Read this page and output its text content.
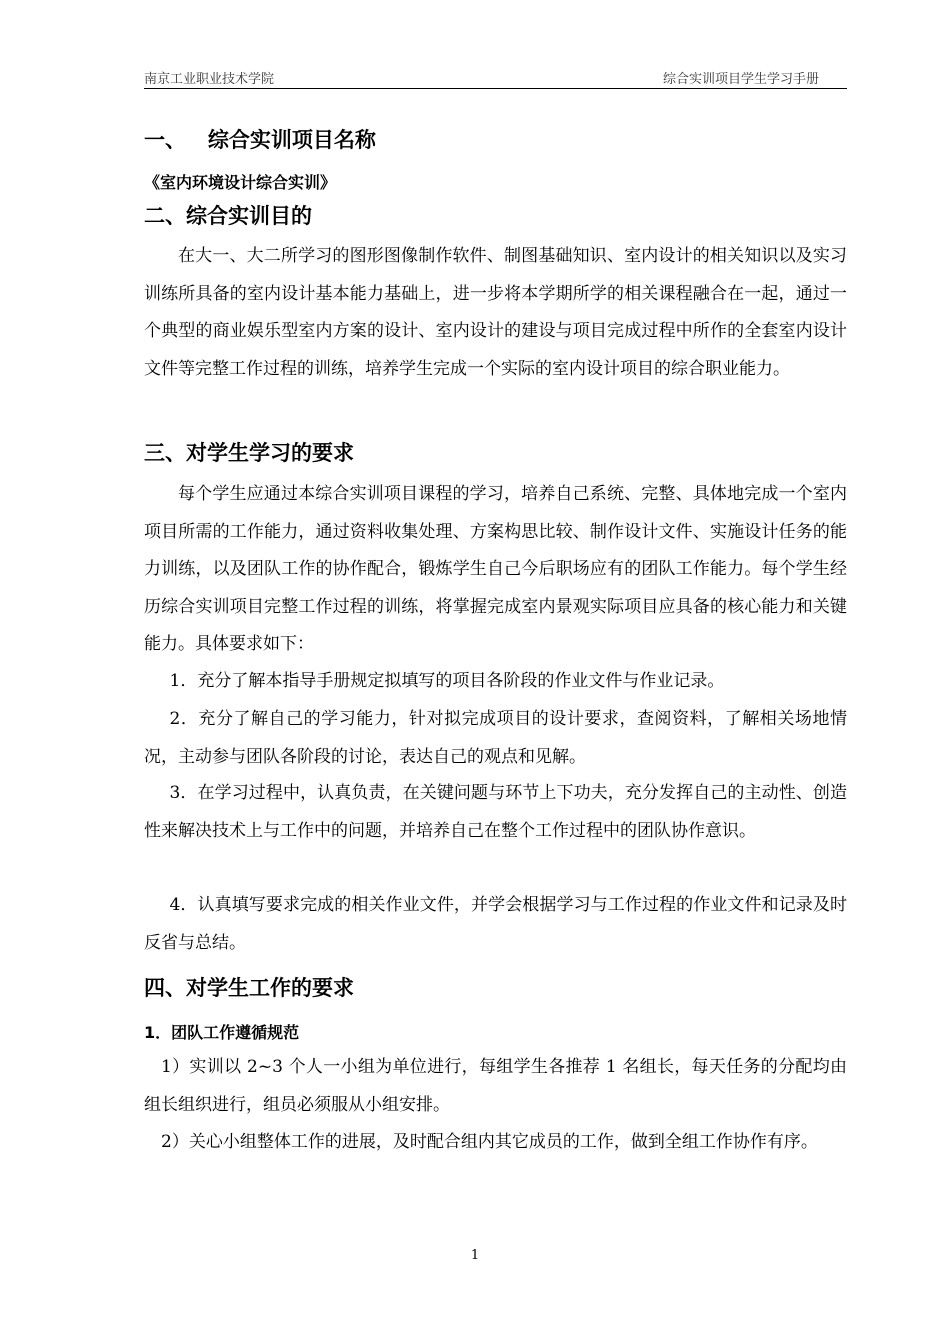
南京工业职业技术学院	综合实训项目学生学习手册
一、   综合实训项目名称
《室内环境设计综合实训》
二、综合实训目的

在大一、大二所学习的图形图像制作软件、制图基础知识、室内设计的相关知识以及实习训练所具备的室内设计基本能力基础上，进一步将本学期所学的相关课程融合在一起，通过一个典型的商业娱乐型室内方案的设计、室内设计的建设与项目完成过程中所作的全套室内设计文件等完整工作过程的训练，培养学生完成一个实际的室内设计项目的综合职业能力。

三、对学生学习的要求

每个学生应通过本综合实训项目课程的学习，培养自己系统、完整、具体地完成一个室内项目所需的工作能力，通过资料收集处理、方案构思比较、制作设计文件、实施设计任务的能力训练，以及团队工作的协作配合，锻炼学生自己今后职场应有的团队工作能力。每个学生经历综合实训项目完整工作过程的训练，将掌握完成室内景观实际项目应具备的核心能力和关键能力。具体要求如下：

1．充分了解本指导手册规定拟填写的项目各阶段的作业文件与作业记录。

2．充分了解自己的学习能力，针对拟完成项目的设计要求，查阅资料，了解相关场地情况，主动参与团队各阶段的讨论，表达自己的观点和见解。

3．在学习过程中，认真负责，在关键问题与环节上下功夫，充分发挥自己的主动性、创造性来解决技术上与工作中的问题，并培养自己在整个工作过程中的团队协作意识。

4．认真填写要求完成的相关作业文件，并学会根据学习与工作过程的作业文件和记录及时反省与总结。

四、对学生工作的要求
1．团队工作遵循规范

1）实训以 2~3 个人一小组为单位进行，每组学生各推荐 1 名组长，每天任务的分配均由组长组织进行，组员必须服从小组安排。

2）关心小组整体工作的进展，及时配合组内其它成员的工作，做到全组工作协作有序。

1
